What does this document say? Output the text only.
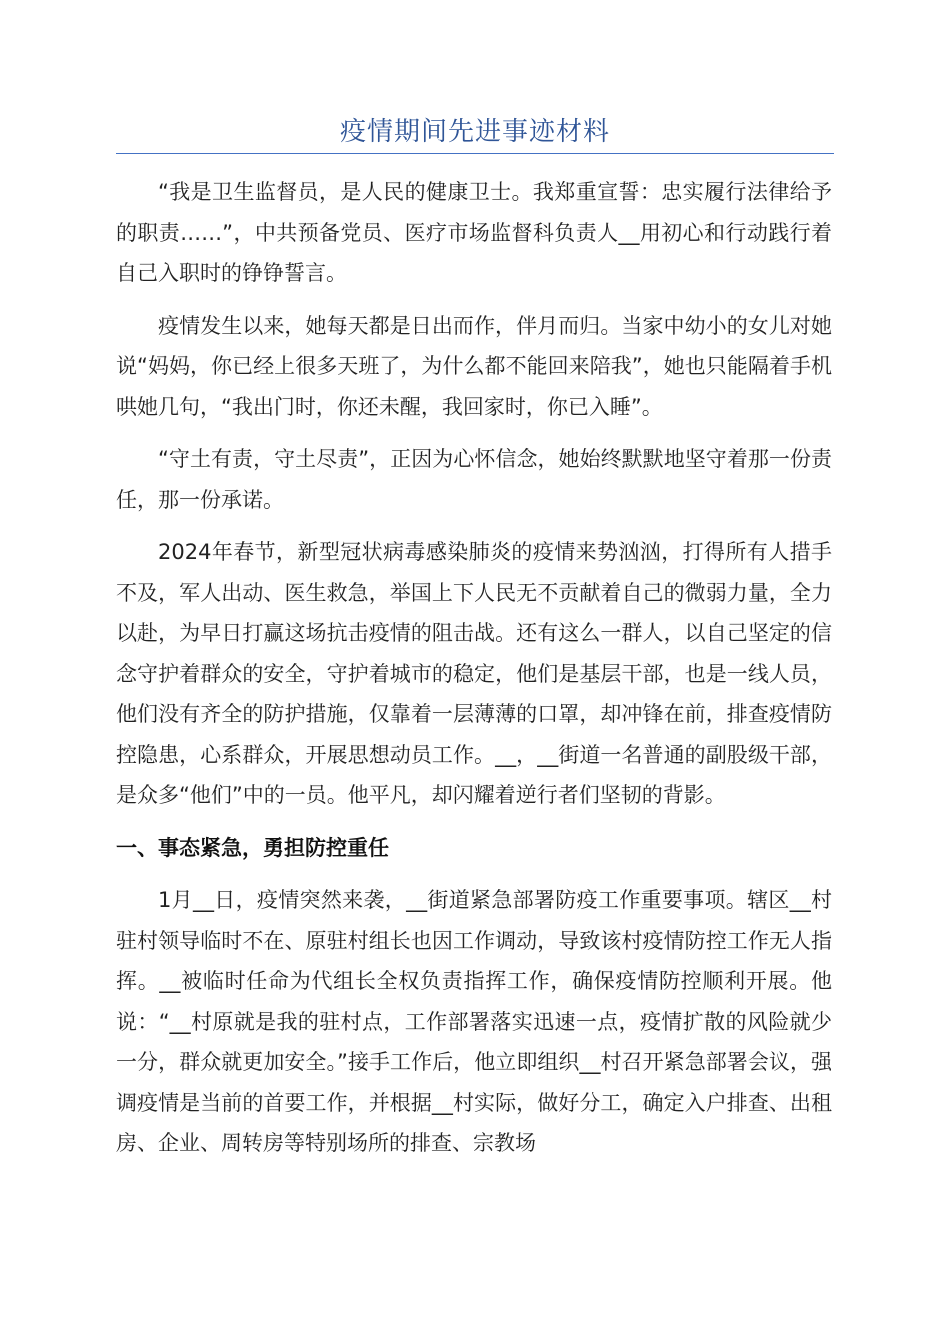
疫情期间先进事迹材料

“我是卫生监督员，是人民的健康卫士。我郑重宣誓：忠实履行法律给予的职责……”，中共预备党员、医疗市场监督科负责人__用初心和行动践行着自己入职时的铮铮誓言。

疫情发生以来，她每天都是日出而作，伴月而归。当家中幼小的女儿对她说“妈妈，你已经上很多天班了，为什么都不能回来陪我”，她也只能隔着手机哄她几句，“我出门时，你还未醒，我回家时，你已入睡”。

“守土有责，守土尽责”，正因为心怀信念，她始终默默地坚守着那一份责任，那一份承诺。

2024年春节，新型冠状病毒感染肺炎的疫情来势汹汹，打得所有人措手不及，军人出动、医生救急，举国上下人民无不贡献着自己的微弱力量，全力以赴，为早日打赢这场抗击疫情的阻击战。还有这么一群人，以自己坚定的信念守护着群众的安全，守护着城市的稳定，他们是基层干部，也是一线人员，他们没有齐全的防护措施，仅靠着一层薄薄的口罩，却冲锋在前，排查疫情防控隐患，心系群众，开展思想动员工作。__，__街道一名普通的副股级干部，是众多“他们”中的一员。他平凡，却闪耀着逆行者们坚韧的背影。

一、事态紧急，勇担防控重任

1月__日，疫情突然来袭，__街道紧急部署防疫工作重要事项。辖区__村驻村领导临时不在、原驻村组长也因工作调动，导致该村疫情防控工作无人指挥。__被临时任命为代组长全权负责指挥工作，确保疫情防控顺利开展。他说：“__村原就是我的驻村点，工作部署落实迅速一点，疫情扩散的风险就少一分，群众就更加安全。”接手工作后，他立即组织__村召开紧急部署会议，强调疫情是当前的首要工作，并根据__村实际，做好分工，确定入户排查、出租房、企业、周转房等特别场所的排查、宗教场
